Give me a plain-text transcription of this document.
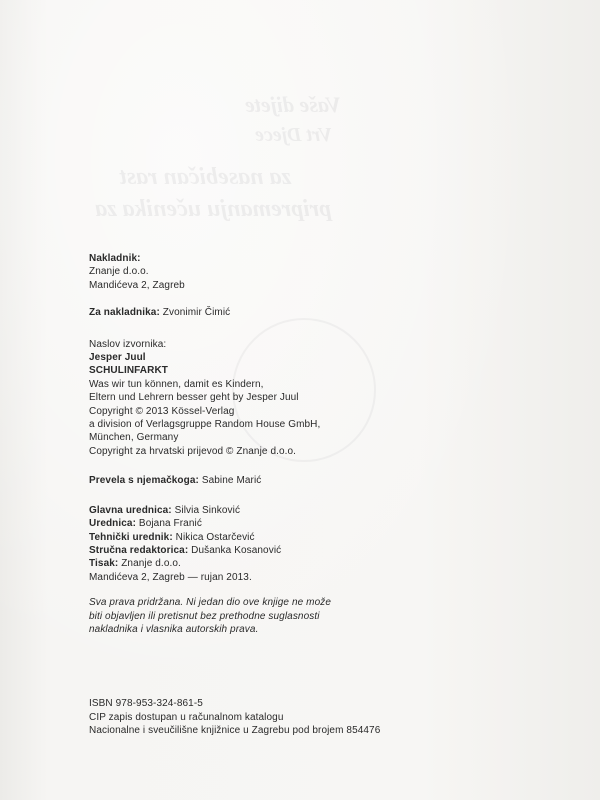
Vaše dijete
Vrt Djece
za nasebičan rast
pripremanju učenika za
Nakladnik:
Znanje d.o.o.
Mandićeva 2, Zagreb
Za nakladnika: Zvonimir Čimić
Naslov izvornika:
Jesper Juul
SCHULINFARKT
Was wir tun können, damit es Kindern,
Eltern und Lehrern besser geht by Jesper Juul
Copyright © 2013 Kössel-Verlag
a division of Verlagsgruppe Random House GmbH,
München, Germany
Copyright za hrvatski prijevod © Znanje d.o.o.
Prevela s njemačkoga: Sabine Marić
Glavna urednica: Silvia Sinković
Urednica: Bojana Franić
Tehnički urednik: Nikica Ostarčević
Stručna redaktorica: Dušanka Kosanović
Tisak: Znanje d.o.o.
Mandićeva 2, Zagreb — rujan 2013.
Sva prava pridržana. Ni jedan dio ove knjige ne može
biti objavljen ili pretisnut bez prethodne suglasnosti
nakladnika i vlasnika autorskih prava.
ISBN 978-953-324-861-5
CIP zapis dostupan u računalnom katalogu
Nacionalne i sveučilišne knjižnice u Zagrebu pod brojem 854476
